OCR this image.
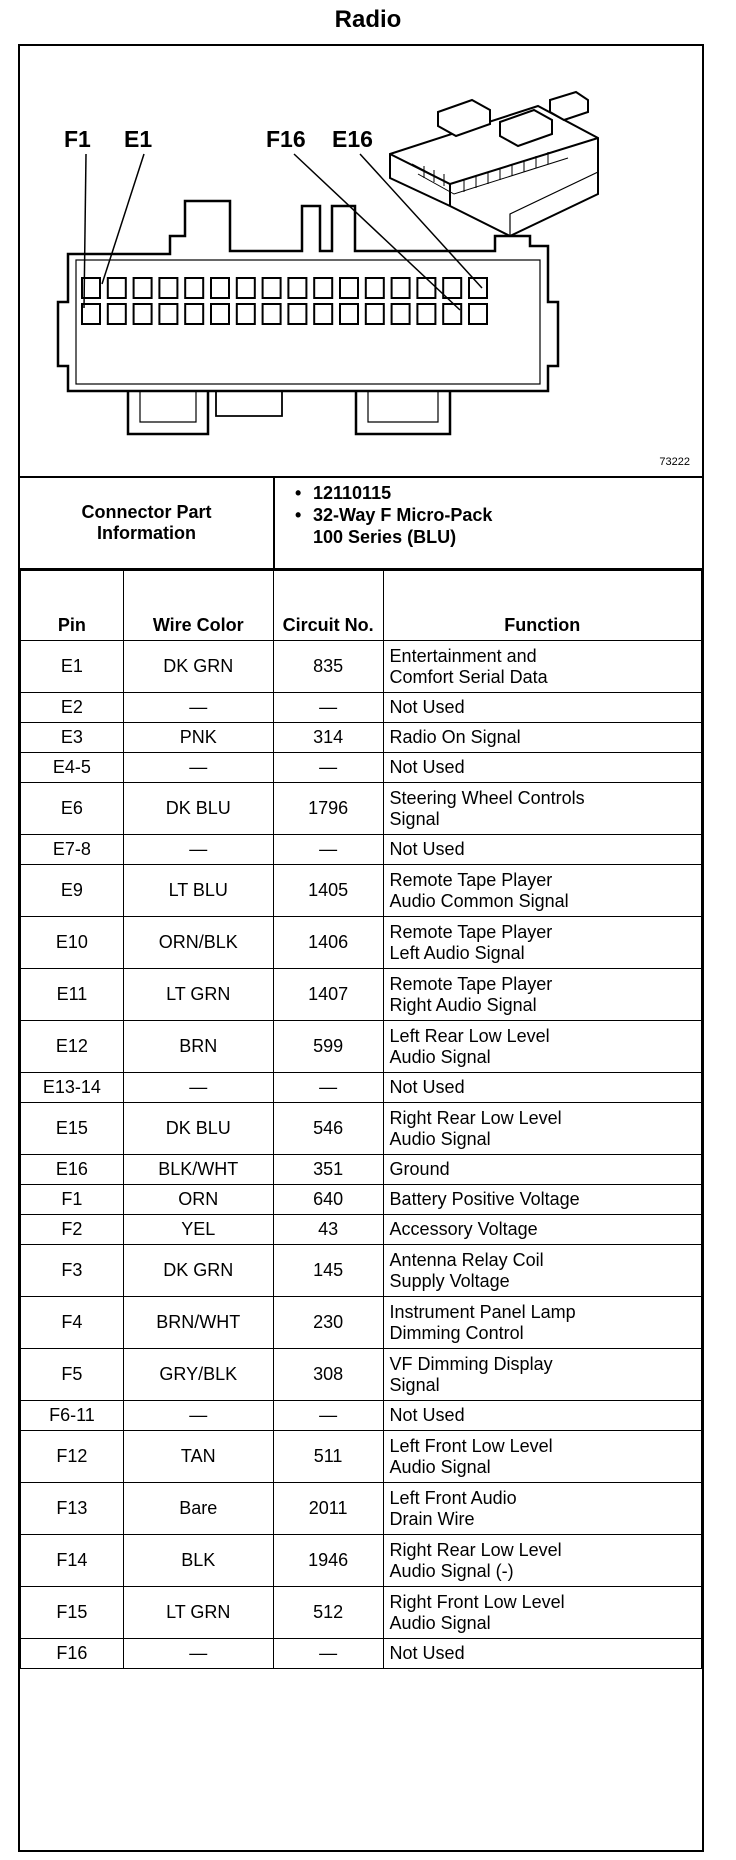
Radio
F1 E1	F16 E16
73222
Connector Part Information
• 12110115
• 32-Way F Micro-Pack
100 Series (BLU)
Pin	Wire Color	Circuit No.	Function
E1	DK GRN	835	Entertainment and
Comfort Serial Data

E2	—	—	Not Used

E3	PNK	314	Radio On Signal

E4-5	—	—	Not Used

E6	DK BLU	1796	Steering Wheel Controls
Signal

E7-8	—	—	Not Used

E9	LT BLU	1405	Remote Tape Player
Audio Common Signal

E10	ORN/BLK	1406	Remote Tape Player
Left Audio Signal

E11	LT GRN	1407	Remote Tape Player
Right Audio Signal

E12	BRN	599	Left Rear Low Level
Audio Signal

E13-14	—	—	Not Used

E15	DK BLU	546	Right Rear Low Level
Audio Signal

E16	BLK/WHT	351	Ground

F1	ORN	640	Battery Positive Voltage

F2	YEL	43	Accessory Voltage

F3	DK GRN	145	Antenna Relay Coil
Supply Voltage

F4	BRN/WHT	230	Instrument Panel Lamp
Dimming Control

F5	GRY/BLK	308	VF Dimming Display
Signal

F6-11	—	—	Not Used

F12	TAN	511	Left Front Low Level
Audio Signal

F13	Bare	2011	Left Front Audio
Drain Wire

F14	BLK	1946	Right Rear Low Level
Audio Signal (-)

F15	LT GRN	512	Right Front Low Level
Audio Signal

F16	—	—	Not Used
